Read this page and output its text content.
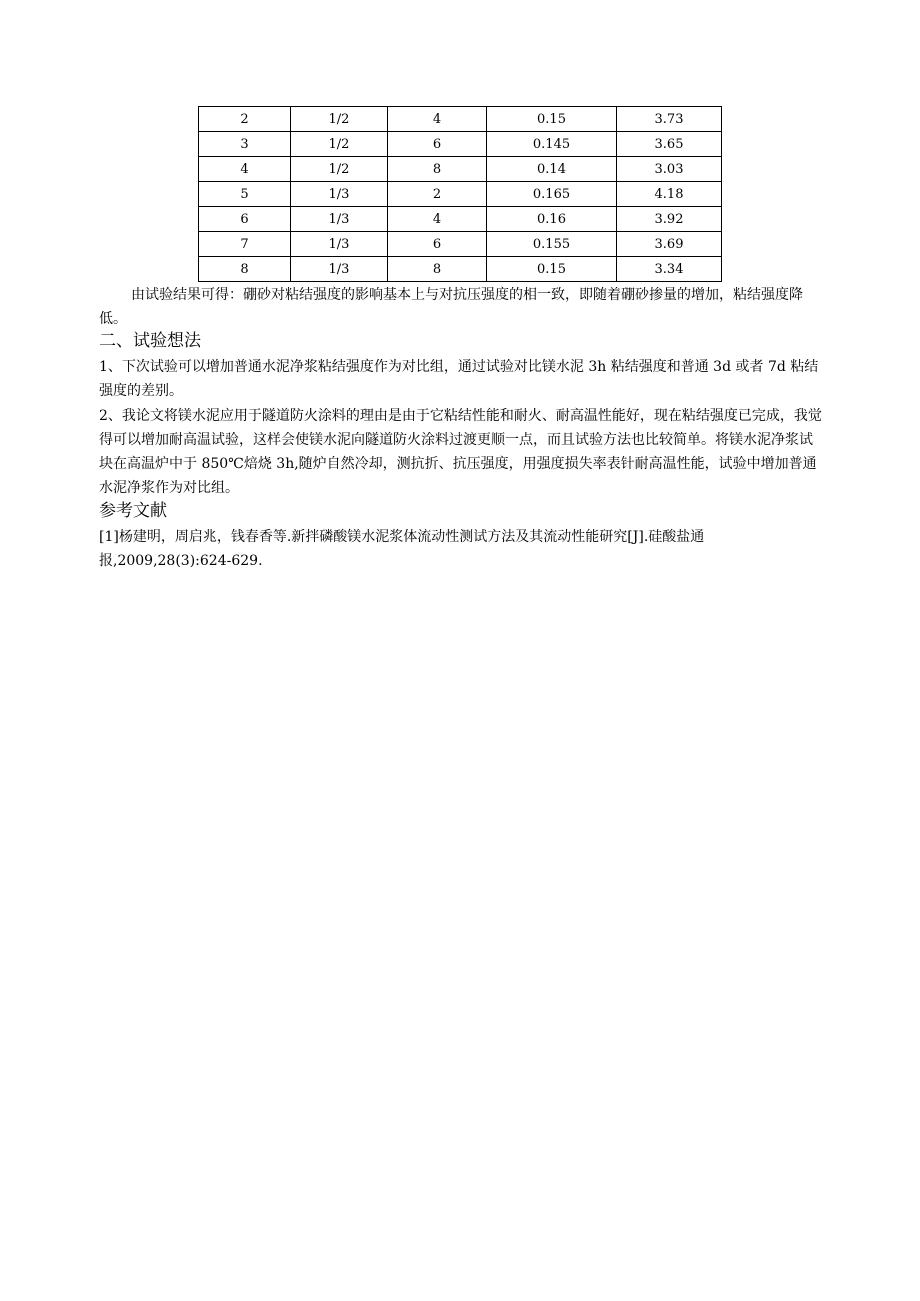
2	1/2	4	0.15	3.73
3	1/2	6	0.145	3.65
4	1/2	8	0.14	3.03
5	1/3	2	0.165	4.18
6	1/3	4	0.16	3.92
7	1/3	6	0.155	3.69
8	1/3	8	0.15	3.34
由试验结果可得：硼砂对粘结强度的影响基本上与对抗压强度的相一致，即随着硼砂掺量的增加，粘结强度降低。
二、试验想法
1、下次试验可以增加普通水泥净浆粘结强度作为对比组，通过试验对比镁水泥 3h 粘结强度和普通 3d 或者 7d 粘结强度的差别。
2、我论文将镁水泥应用于隧道防火涂料的理由是由于它粘结性能和耐火、耐高温性能好，现在粘结强度已完成，我觉得可以增加耐高温试验，这样会使镁水泥向隧道防火涂料过渡更顺一点，而且试验方法也比较简单。将镁水泥净浆试块在高温炉中于 850℃焙烧 3h,随炉自然冷却，测抗折、抗压强度，用强度损失率表针耐高温性能，试验中增加普通水泥净浆作为对比组。
参考文献
[1]杨建明，周启兆，钱春香等.新拌磷酸镁水泥浆体流动性测试方法及其流动性能研究[J].硅酸盐通报,2009,28(3):624-629.
